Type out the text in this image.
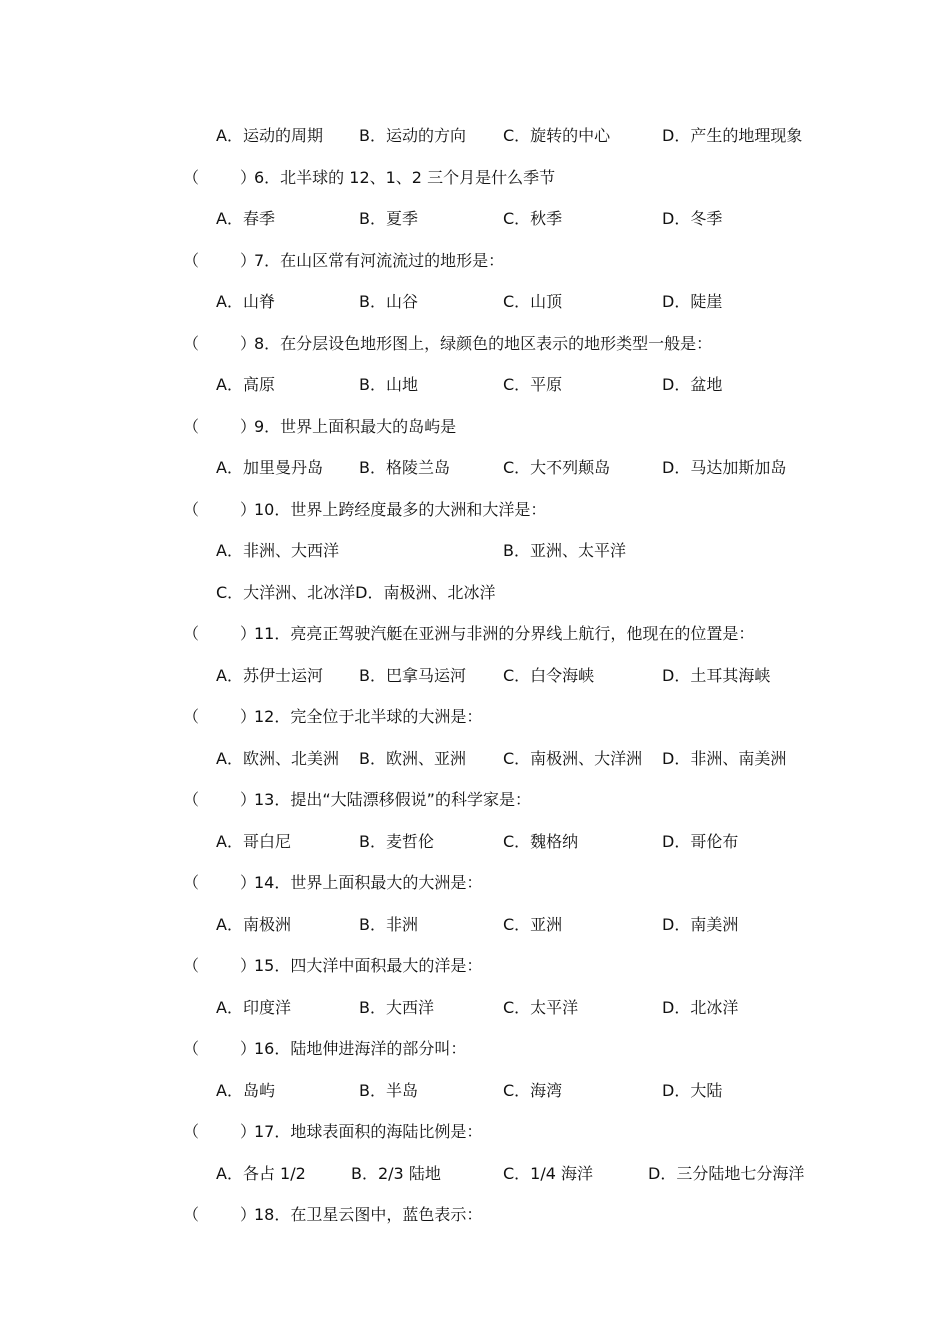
A．运动的周期 B．运动的方向 C．旋转的中心	D．产生的地理现象
（	）
6．北半球的 12、1、2 三个月是什么季节
A．春季	B．夏季	C．秋季	D．冬季
（	）
7．在山区常有河流流过的地形是：
A．山脊	B．山谷	C．山顶	D．陡崖
（	）
8．在分层设色地形图上，绿颜色的地区表示的地形类型一般是：
A．高原	B．山地	C．平原	D．盆地
（	）
9．世界上面积最大的岛屿是
A．加里曼丹岛 B．格陵兰岛	C．大不列颠岛	D．马达加斯加岛
（	）
10．世界上跨经度最多的大洲和大洋是：
A．非洲、大西洋	B．亚洲、太平洋
C．大洋洲、北冰洋D．南极洲、北冰洋
（	）
11．亮亮正驾驶汽艇在亚洲与非洲的分界线上航行，他现在的位置是：
A．苏伊士运河 B．巴拿马运河 C．白令海峡	D．土耳其海峡
（	）
12．完全位于北半球的大洲是：
A．欧洲、北美洲 B．欧洲、亚洲 C．南极洲、大洋洲 D．非洲、南美洲
（	）
13．提出“大陆漂移假说”的科学家是：
A．哥白尼	B．麦哲伦	C．魏格纳	D．哥伦布
（	）
14．世界上面积最大的大洲是：
A．南极洲	B．非洲	C．亚洲	D．南美洲
（	）
15．四大洋中面积最大的洋是：
A．印度洋	B．大西洋	C．太平洋	D．北冰洋
（	）
16．陆地伸进海洋的部分叫：
A．岛屿	B．半岛	C．海湾	D．大陆
（	）
17．地球表面积的海陆比例是：
A．各占 1/2	B．2/3 陆地	C．1/4 海洋	D．三分陆地七分海洋
（	）
18．在卫星云图中，蓝色表示：
